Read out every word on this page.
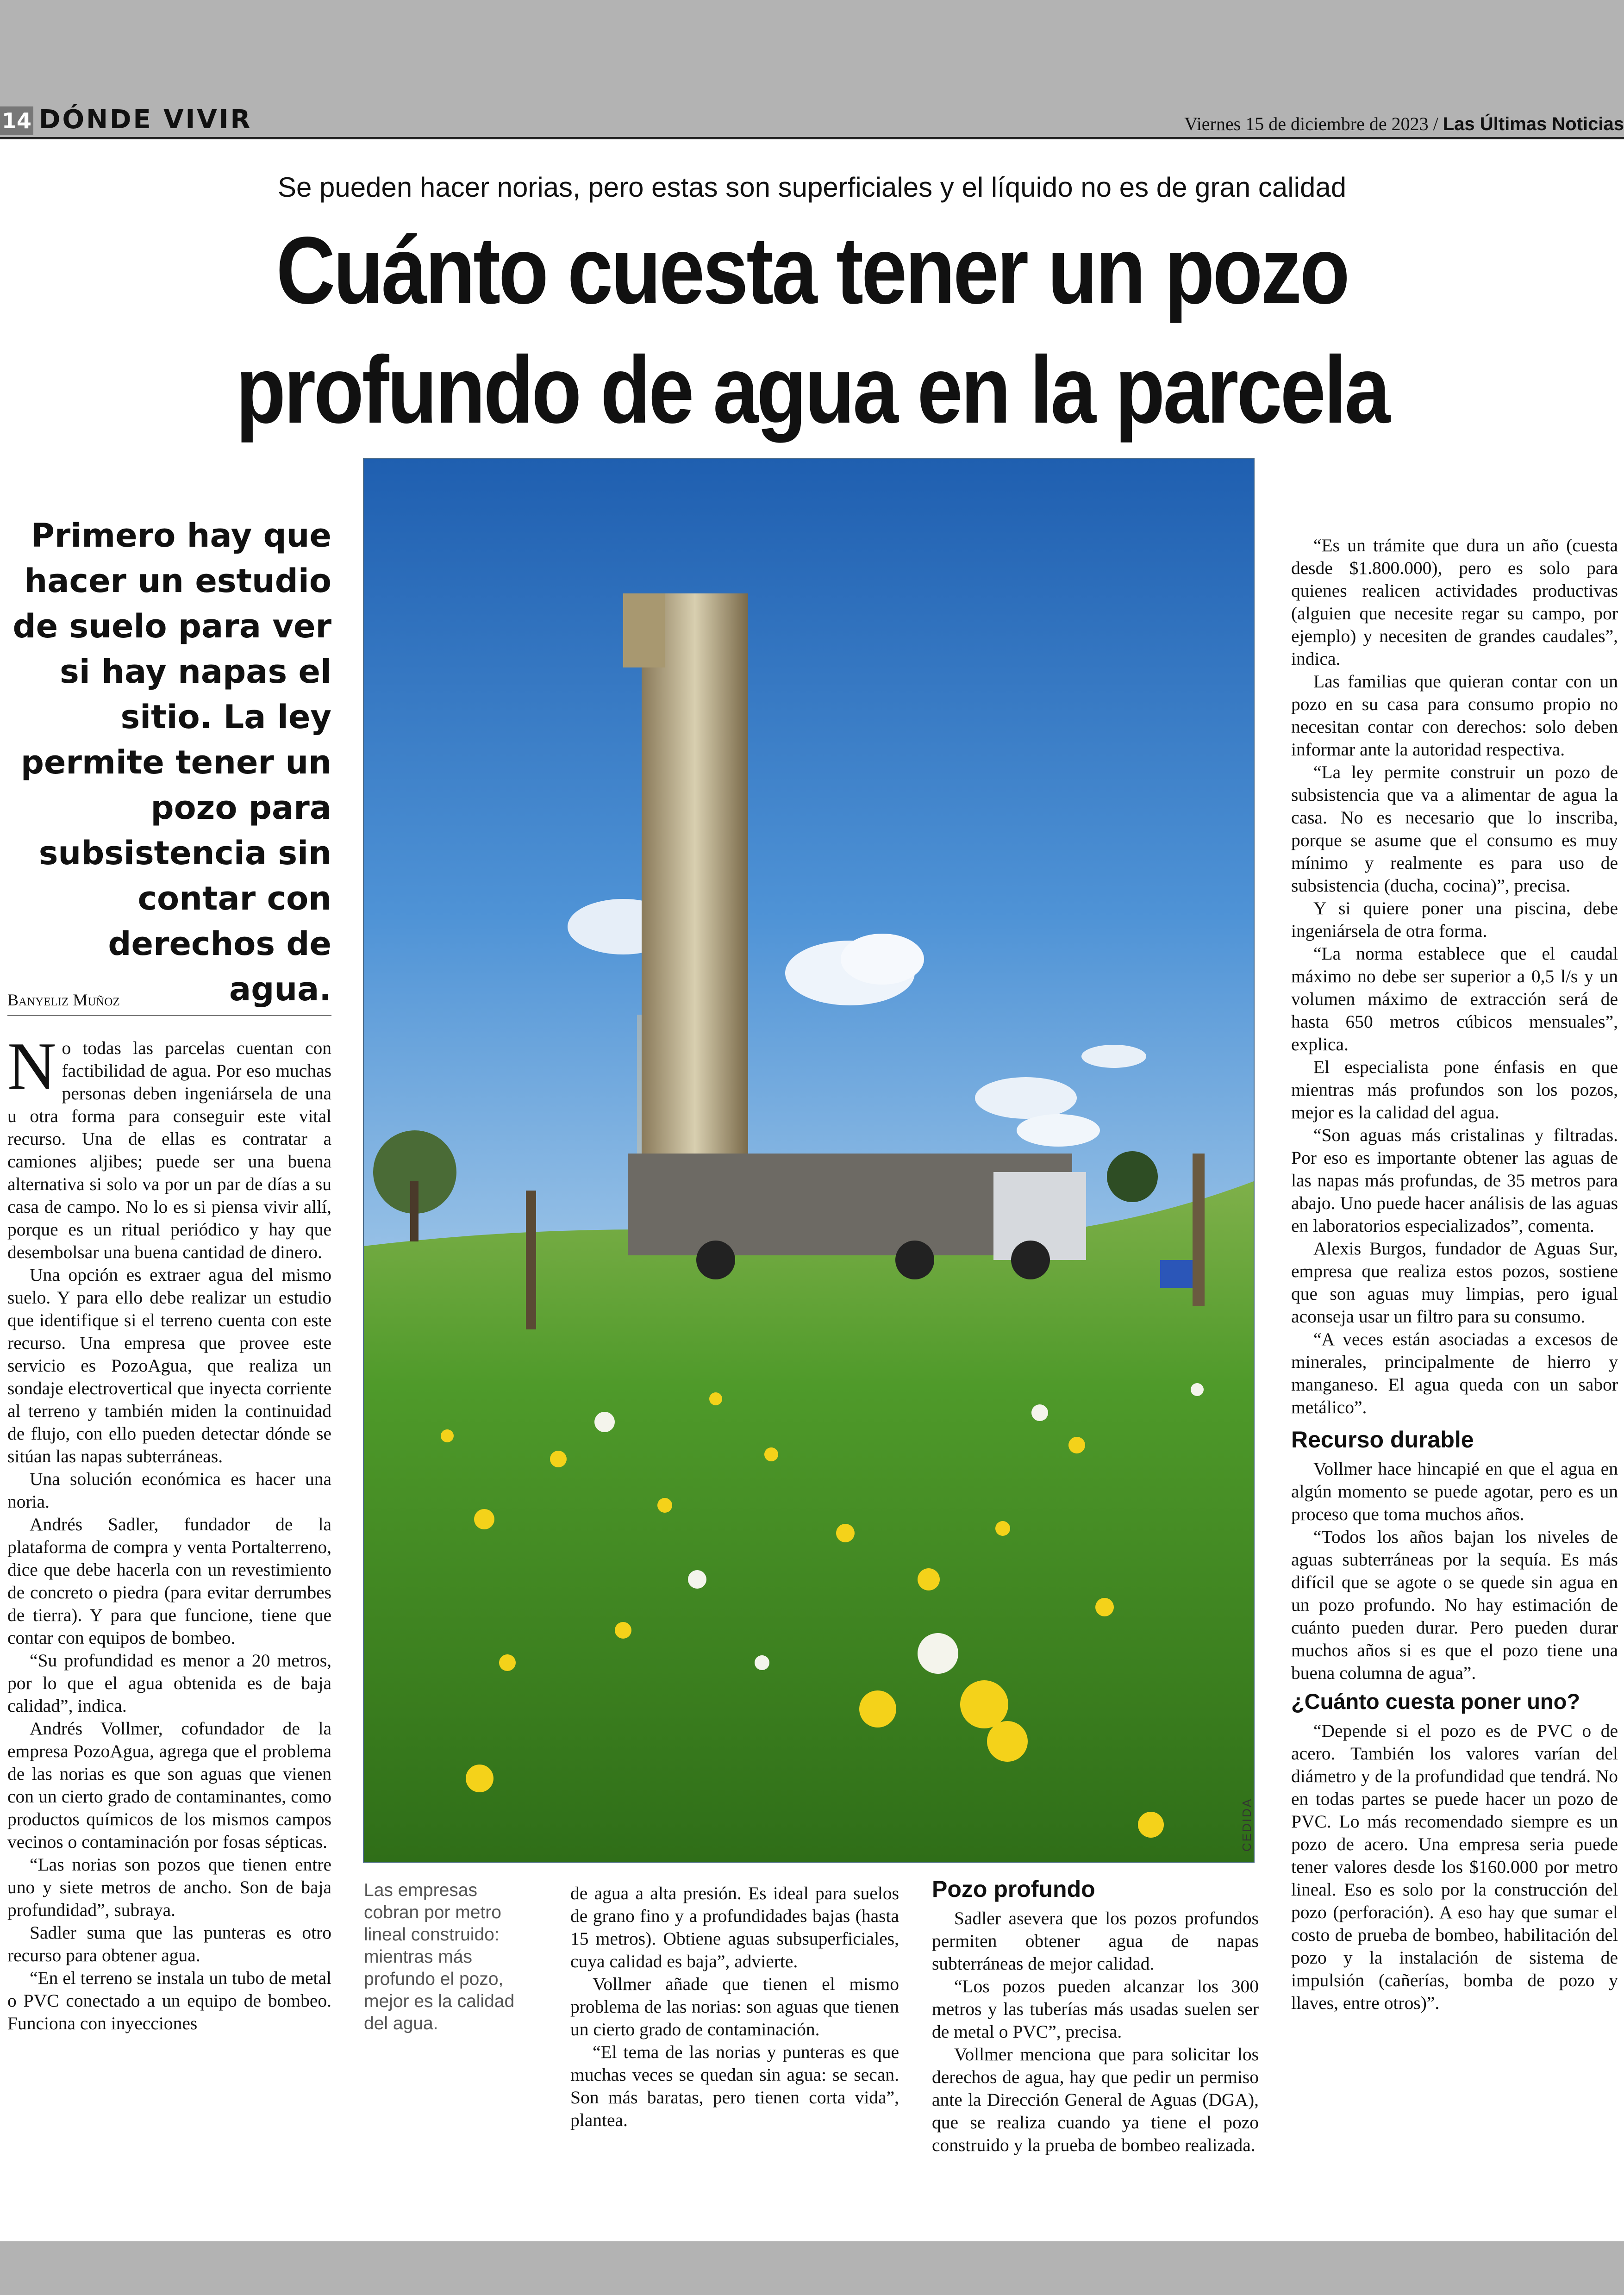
14 DÓNDE VIVIR	Viernes 15 de diciembre de 2023 / Las Últimas Noticias
Se pueden hacer norias, pero estas son superficiales y el líquido no es de gran calidad
Cuánto cuesta tener un pozo
profundo de agua en la parcela
Primero hay que hacer un estudio de suelo para ver si hay napas el sitio. La ley permite tener un pozo para subsistencia sin contar con derechos de agua.
Banyeliz Muñoz
CEDIDA
Las empresas cobran por metro lineal construido: mientras más profundo el pozo, mejor es la calidad del agua.

No todas las parcelas cuentan con factibilidad de agua. Por eso muchas personas deben ingeniársela de una u otra forma para conseguir este vital recurso. Una de ellas es contratar a camiones aljibes; puede ser una buena alternativa si solo va por un par de días a su casa de campo. No lo es si piensa vivir allí, porque es un ritual periódico y hay que desembolsar una buena cantidad de dinero.

Una opción es extraer agua del mismo suelo. Y para ello debe realizar un estudio que identifique si el terreno cuenta con este recurso. Una empresa que provee este servicio es PozoAgua, que realiza un sondaje electrovertical que inyecta corriente al terreno y también miden la continuidad de flujo, con ello pueden detectar dónde se sitúan las napas subterráneas.

Una solución económica es hacer una noria.

Andrés Sadler, fundador de la plataforma de compra y venta Portalterreno, dice que debe hacerla con un revestimiento de concreto o piedra (para evitar derrumbes de tierra). Y para que funcione, tiene que contar con equipos de bombeo.

“Su profundidad es menor a 20 metros, por lo que el agua obtenida es de baja calidad”, indica.

Andrés Vollmer, cofundador de la empresa PozoAgua, agrega que el problema de las norias es que son aguas que vienen con un cierto grado de contaminantes, como productos químicos de los mismos campos vecinos o contaminación por fosas sépticas.

“Las norias son pozos que tienen entre uno y siete metros de ancho. Son de baja profundidad”, subraya.

Sadler suma que las punteras es otro recurso para obtener agua.

“En el terreno se instala un tubo de metal o PVC conectado a un equipo de bombeo. Funciona con inyecciones

de agua a alta presión. Es ideal para suelos de grano fino y a profundidades bajas (hasta 15 metros). Obtiene aguas subsuperficiales, cuya calidad es baja”, advierte.

Vollmer añade que tienen el mismo problema de las norias: son aguas que tienen un cierto grado de contaminación.

“El tema de las norias y punteras es que muchas veces se quedan sin agua: se secan. Son más baratas, pero tienen corta vida”, plantea.

Pozo profundo

Sadler asevera que los pozos profundos permiten obtener agua de napas subterráneas de mejor calidad.

“Los pozos pueden alcanzar los 300 metros y las tuberías más usadas suelen ser de metal o PVC”, precisa.

Vollmer menciona que para solicitar los derechos de agua, hay que pedir un permiso ante la Dirección General de Aguas (DGA), que se realiza cuando ya tiene el pozo construido y la prueba de bombeo realizada.

“Es un trámite que dura un año (cuesta desde $1.800.000), pero es solo para quienes realicen actividades productivas (alguien que necesite regar su campo, por ejemplo) y necesiten de grandes caudales”, indica.

Las familias que quieran contar con un pozo en su casa para consumo propio no necesitan contar con derechos: solo deben informar ante la autoridad respectiva.

“La ley permite construir un pozo de subsistencia que va a alimentar de agua la casa. No es necesario que lo inscriba, porque se asume que el consumo es muy mínimo y realmente es para uso de subsistencia (ducha, cocina)”, precisa.

Y si quiere poner una piscina, debe ingeniársela de otra forma.

“La norma establece que el caudal máximo no debe ser superior a 0,5 l/s y un volumen máximo de extracción será de hasta 650 metros cúbicos mensuales”, explica.

El especialista pone énfasis en que mientras más profundos son los pozos, mejor es la calidad del agua.

“Son aguas más cristalinas y filtradas. Por eso es importante obtener las aguas de las napas más profundas, de 35 metros para abajo. Uno puede hacer análisis de las aguas en laboratorios especializados”, comenta.

Alexis Burgos, fundador de Aguas Sur, empresa que realiza estos pozos, sostiene que son aguas muy limpias, pero igual aconseja usar un filtro para su consumo.

“A veces están asociadas a excesos de minerales, principalmente de hierro y manganeso. El agua queda con un sabor metálico”.

Recurso durable

Vollmer hace hincapié en que el agua en algún momento se puede agotar, pero es un proceso que toma muchos años.

“Todos los años bajan los niveles de aguas subterráneas por la sequía. Es más difícil que se agote o se quede sin agua en un pozo profundo. No hay estimación de cuánto pueden durar. Pero pueden durar muchos años si es que el pozo tiene una buena columna de agua”.

¿Cuánto cuesta poner uno?

“Depende si el pozo es de PVC o de acero. También los valores varían del diámetro y de la profundidad que tendrá. No en todas partes se puede hacer un pozo de PVC. Lo más recomendado siempre es un pozo de acero. Una empresa seria puede tener valores desde los $160.000 por metro lineal. Eso es solo por la construcción del pozo (perforación). A eso hay que sumar el costo de prueba de bombeo, habilitación del pozo y la instalación de sistema de impulsión (cañerías, bomba de pozo y llaves, entre otros)”.
